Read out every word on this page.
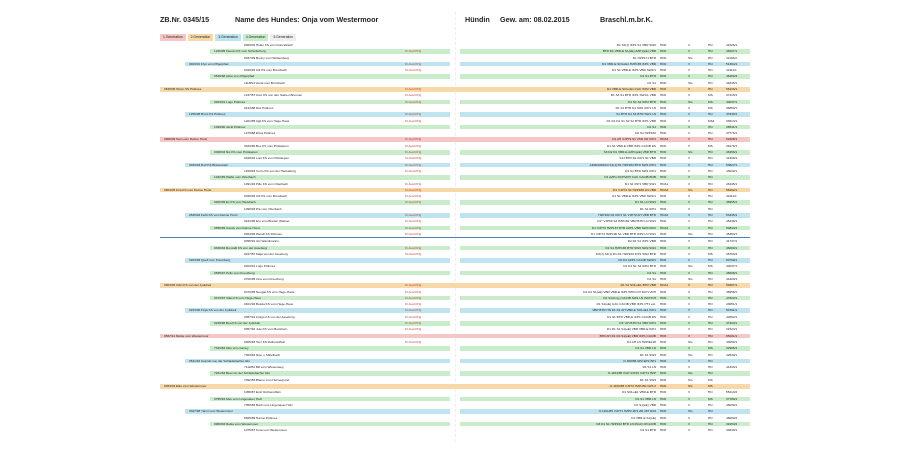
ZB.Nr. 0345/15	Name des Hundes: Onja vom Westermoor	Hündin Gew. am: 08.02.2015	Braschl.m.br.K.
1.Generation	2.Generation	3.Generation	4.Generation	5.Generation
0005/02 Heiko KS vom Dunzelbach	D1 S1(J) IKP1 S1 VBR SW2 HD0	V	HN	41026/1
1226/05 Fausto KS vom Scheiferberg	Kl.Ausl.Prfg	BTR D1 VBR-E S1(eE) AZP1(eE) VBR HD0	V	HN	46297/1
0037/99 Bunny vom Weltersberg	D1 HZP171 BTR HD0	SG	HN	41193/2
0403/01 Flyn vom Pilgerpfad	Kl.Ausl.Prfg	D1 VBR-E SOLoE1 HZP185 IKP1 VBR HD0	V	HN	51304/1
0329/93 Ulli KS vom Brombach	Kl.Ausl.Prfg	D1 S1 VBR-E IKP1 VBR SW1/1 HD0	V	HN	42111/1
0546/98 Aska vom Pilgerpfad	D1 S1 BTR HD0	V	HN	46460/3
1118/94 Vesta vom Brombach	D1 S1 HD0	SG	HN	44645/1
0625/05 Oliver KS Pöttmes	Kl.Ausl.Prfg	D1 VBR-E SOLoE1 CAC IKP2 VBR HD0	V	HN	56216/1
1237/87 Arco KS von den Sieben Brunnen	Kl.Ausl.Prfg	D1 S3 S1 BTR IKP1 SW1/1 VBR HD0	V	MS	37415/1
0203/91 Lugo Pöttmes	Kl.Ausl.Prfg	D1 S1 S2 IKP2 BTR HD0	SG	MS	40037/1
0213/88 Divi Pöttmes	D1 S1 BTR D1 SW1 IKP1 LN HD0	V	MS	36850/1
1256/98 Bruni KS Pöttmes	Kl.Ausl.Prfg	S1 BTR D1 S1 BTR SW1 LN HD0	V	HN	47640/1
1201/85 Agil KS vom Hege-Haus	Kl.Ausl.Prfg	D1 D1 D1 S1 S2 S1 BTR IKP1 VBR HD0	V	MS4	33513/1
1029/90 Jecki Pöttmes	D1 S1 HD0	V	HN	38541/1
1279/88 Elma Pöttmes	D2 S1 HZP160 HD0	V	HN	37776/1
0908/09 Sam vom Delme Horst	Kl.Ausl.Prfg	D1 AH VJP79 S1 VSR UR IKP1 HDA2	V	HN	62208/1
3043/90 Bex KS vom Pöttsiepen	Kl.Ausl.Prfg	D1 S1 VBR-E VBR IKP1 CACIB ES HD0	V	MS	39176/1
0328/04 Nic KS vom Pöttsiepen	Kl.Ausl.Prfg	S3 D2 D1 VBR-E AZP1(eE) VBR BTR HD0	SG	HN	46456/1
0328/92 Loni KS vom Pöttsiepen	Kl.Ausl.Prfg	S1J BTR D1 IKP1 S1 VBR HD0	V	HN	41209/1
0033/03 Rolf KS Birkenwald	Kl.Ausl.Prfg	AD0019460/4 S1(J) D1 HZP183 BTR SW1 IKP1 HD0	V	HN	53827/1
1269/93 Xorro KS von der Hansaburg	Kl.Ausl.Prfg	D1 S1 BTR SW1 IKP1 HD0	V	HN	43042/1
1032/99 Wallie vom Otterbach	D1 AZP1 DCHVDH CAC CACIB BOB HD0	V	HN
1091/93 Pille KS vom Otterbach	Kl.Ausl.Prfg	D1 S1 IKP1 VBR SW1 HDA1	V	HN	46445/1
0904/05 Kira KS vom Delme Horst	Kl.Ausl.Prfg	D1 VJP74 S1 HZP188 LN VBR HDA2	SG	HN	56292/1
0329/93 Ulli KS vom Brombach	Kl.Ausl.Prfg	D1 S1 VBR-E IKP1 VBR SW1/1 HD0	V	HN	42111/1
0400/99 Ex KS vom Weisbach	Kl.Ausl.Prfg	D1 S1 LN SW1 HD0	V	HN	46965/1
1090/93 Pia vom Otterbach	D1 S1 IKP1 HD0	V	HN
0625/02 Fehli KS vom Delme Horst	Kl.Ausl.Prfg	HZP162 D1 IKP1 S1 VJP70 AH VBR BTR HDA2	V	HN	53435/1
0241/96 Ero vom Breiten Wasser	Kl.Ausl.Prfg	D1* VJP69 S3 HZP182 VBR BTR LN SW1 HD0	V	HN	45430/1
0558/99 Candy vom Delme Horst	Kl.Ausl.Prfg	D1 VJP70 HZP167 BTR AZP1 VBR SW3 IKP2 HDA2	V	HN	50844/1
0063/96 Wendi KS Pöttmes	Kl.Ausl.Prfg	D1 VJP73 HZP190 S1 VBR BTR IKP2 LN SW1 HD0	SG	HN	45453/1
0095/91 Utz Wandmanns	D2 D1 S1 IKP1 VBR HD0	V	HN	41747/1
0339/04 Roncalli KS von der Asseburg	Kl.Ausl.Prfg	D1 S1 HZP183 BTR SW3 SW2 SW1 HD0	V	HN	46009/1
0227/87 Maja von der Asseburg	Kl.Ausl.Prfg	D2(J) S1(J) D1 D1 HZP160 IKP1 SW2 BTR HD0	V	MS	35793/3
0203/99 Quell vom Kreuzberg	D2 D1 AZP1 CACIB SW2/1 HD0	V	HN	50799/1
0203/91 Lugo Pöttmes	D1 D1 S1 S2 IKP2 BTR HD0	SG	MS	40037/1
0535/97 Polly vom Kreuzberg	D1 S1 HD0	V	HN	46608/1
0700/95 Ona vom Kreuzberg	D1 S1 HD0	SG	HN	44429/1
0603/06 Odin KS von der Jydebek	Kl.Ausl.Prfg	D1 S1 SOLoE1 BTR VBR HDA1	V	HN	59307/1
0370/95 Neugat KS vom Hege-Haus	Kl.Ausl.Prfg	D1 D1 S1(eE) VBR VBR-E IKP1 BTR ICH DCH-VDH HD0	V	HN	46558/1
0373/97 Vilas KS vom Hege-Haus	Kl.Ausl.Prfg	D1 S1(Ung.) CACIB SW1 LN ISCHCH HD0	V	HN	47622/1
0401/92 Betula KS vom Hege-Haus	Kl.Ausl.Prfg	D1 S1(eE) CAC CACIB VBR IKP1 PT1 ext. HD0	V	HN	43051/1
0223/00 Finja KS von der Jydebek	Kl.Ausl.Prfg	VBR BTR HN D1 D1 AH VBR-E SOLoE1 IKP1 HD0	V	HN	50791/1
0057/91 Amigo KS von der Asseburg	Kl.Ausl.Prfg	D1 S1 BTR VBR-E IKP1 CACIB ES HD0	V	HN	40392/1
0239/96 Bea KS von der Jydebek	Kl.Ausl.Prfg	D1* AH BTR S1 VBR IKP1 HD0	V	HN	47304/1
0957/92 Jule KS vom Bockhorn	Kl.Ausl.Prfg	D1 D1 S1 S1(eE) VBR VBR-E IKP1 HD0	V	HN	41523/1
0567/11 Mottie vom Westermoor	BTR AH D1 D1 S1(eE) VBR IKP1 CACIB HD0	V	HN	65201/1
0005/93 Terz KS Rothenuffeln	Kl.Ausl.Prfg	D1 AH LN HZP/E148 HD0	SG	HN	43050/1
7344/84 Aiko vom Geney	D1 S1 VBR LN HD0	V	MS	32995/1
7303/84 Nico v. Mittelbach	D1 S1 SW3 HD0	SG	HN	42530/1
0541/94 Grando von der Schladebacher Alm	D-306/88 AP2 EP2 ZP1 HD0	V	HN
7112/83 Bill vom Wiesenweg	D1 S1 LN HD0	V	HN	44343/1
7261/84 Bea von der Schladebacher Alm	O-1154/85 VGP 23315 VJP74 HZP HD0	SG	HN
7092/83 Blame vom Helmegrund	D1 S1 SW3 HD0	SG	MS
0363/03 Elke vom Westermoor	O-1160/85 VJP72 HZP150 GP3.2 HD0	SG	MS
1058/87 Emir Rothenuffeln	D1 SOLoE1 VBR-E BTR HD0	V	HN	55213/2
0755/94 Max vom Lingenauer Holz	D1 S1 VBR LN HD0	V	MS	37789/1
7050/83 Barb vom Lingenauer Holz	D1 S1(eE) VBR HD0	V	HN	46030/1
0327/98 Yanni vom Westermoor	O-1161/85 VJP71 HZP2 ZP1 ZR 457 ES3 HD0	SG	HN
0665/89 Hanno Pöttmes	D1 VBR-E S1(eE) HD0	V	HN	48000/2
0960/93 Reika vom Westermoor	D3 D1 S1 HZP162 BTR LN RCAC RCACIB HD0	V	HN	39153/2
1075/87 Kora vom Westermoor	D1 S1 BTR HD0	V	HN	43630/1
